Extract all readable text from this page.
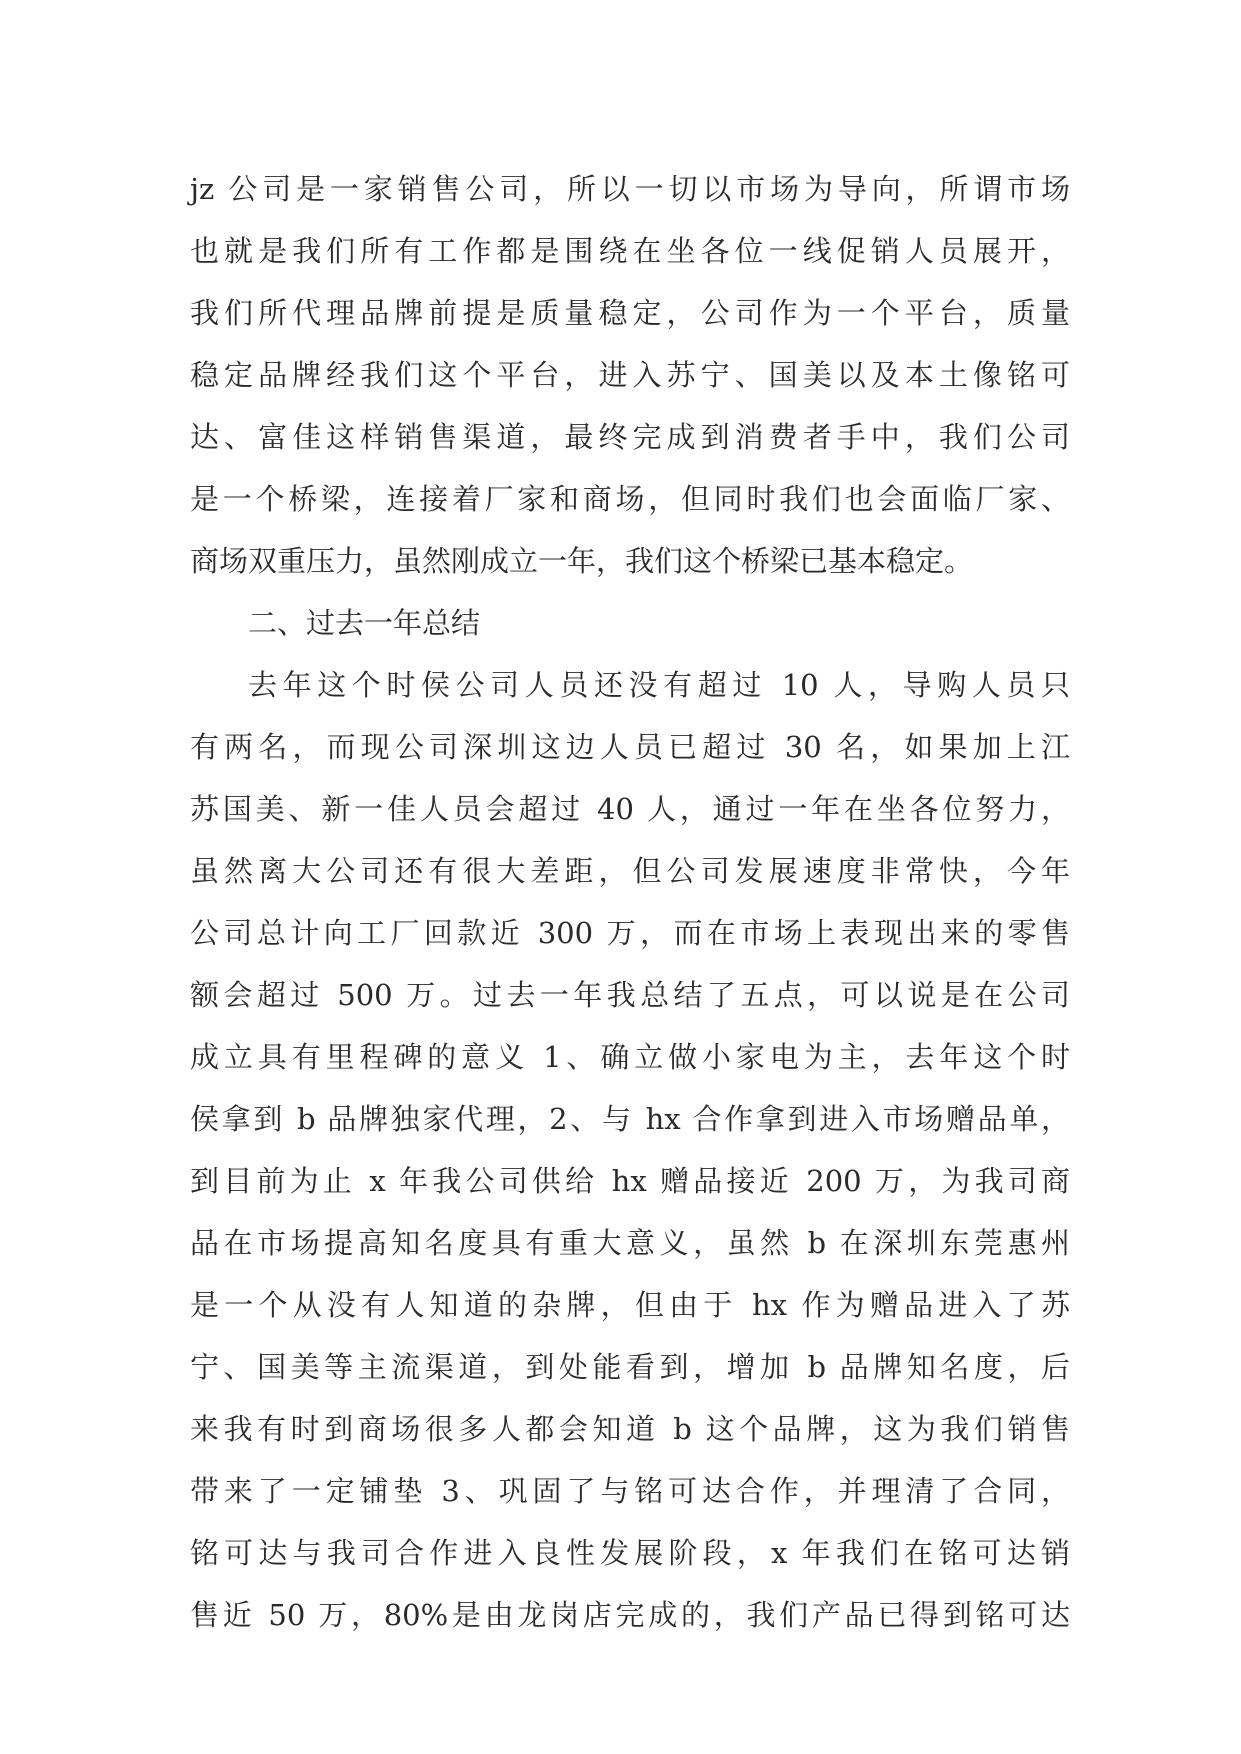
jz 公司是一家销售公司，所以一切以市场为导向，所谓市场
也就是我们所有工作都是围绕在坐各位一线促销人员展开，
我们所代理品牌前提是质量稳定，公司作为一个平台，质量
稳定品牌经我们这个平台，进入苏宁、国美以及本土像铭可
达、富佳这样销售渠道，最终完成到消费者手中，我们公司
是一个桥梁，连接着厂家和商场，但同时我们也会面临厂家、
商场双重压力，虽然刚成立一年，我们这个桥梁已基本稳定。
二、过去一年总结
去年这个时侯公司人员还没有超过 10 人，导购人员只
有两名，而现公司深圳这边人员已超过 30 名，如果加上江
苏国美、新一佳人员会超过 40 人，通过一年在坐各位努力，
虽然离大公司还有很大差距，但公司发展速度非常快，今年
公司总计向工厂回款近 300 万，而在市场上表现出来的零售
额会超过 500 万。过去一年我总结了五点，可以说是在公司
成立具有里程碑的意义 1、确立做小家电为主，去年这个时
侯拿到 b 品牌独家代理，2、与 hx 合作拿到进入市场赠品单，
到目前为止 x 年我公司供给 hx 赠品接近 200 万，为我司商
品在市场提高知名度具有重大意义，虽然 b 在深圳东莞惠州
是一个从没有人知道的杂牌，但由于 hx 作为赠品进入了苏
宁、国美等主流渠道，到处能看到，增加 b 品牌知名度，后
来我有时到商场很多人都会知道 b 这个品牌，这为我们销售
带来了一定铺垫 3、巩固了与铭可达合作，并理清了合同，
铭可达与我司合作进入良性发展阶段，x 年我们在铭可达销
售近 50 万，80%是由龙岗店完成的，我们产品已得到铭可达
